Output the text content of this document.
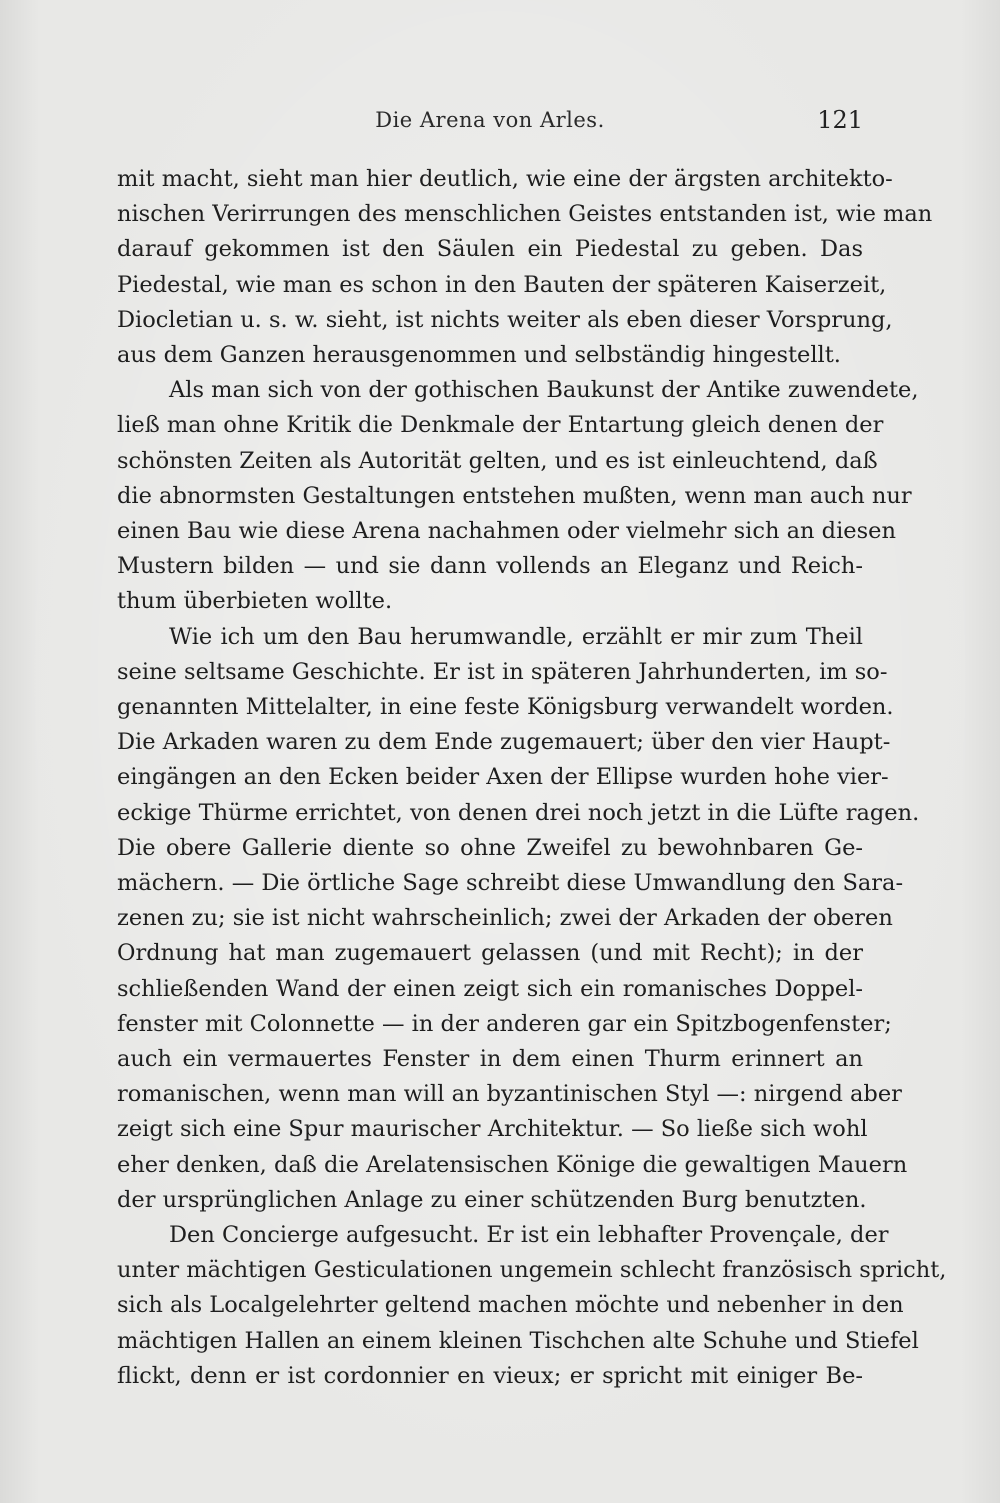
Die Arena von Arles.	121
mit macht, sieht man hier deutlich, wie eine der ärgsten architekto-
nischen Verirrungen des menschlichen Geistes entstanden ist, wie man
darauf gekommen ist den Säulen ein Piedestal zu geben. Das
Piedestal, wie man es schon in den Bauten der späteren Kaiserzeit,
Diocletian u. s. w. sieht, ist nichts weiter als eben dieser Vorsprung,
aus dem Ganzen herausgenommen und selbständig hingestellt.
Als man sich von der gothischen Baukunst der Antike zuwendete,
ließ man ohne Kritik die Denkmale der Entartung gleich denen der
schönsten Zeiten als Autorität gelten, und es ist einleuchtend, daß
die abnormsten Gestaltungen entstehen mußten, wenn man auch nur
einen Bau wie diese Arena nachahmen oder vielmehr sich an diesen
Mustern bilden — und sie dann vollends an Eleganz und Reich-
thum überbieten wollte.
Wie ich um den Bau herumwandle, erzählt er mir zum Theil
seine seltsame Geschichte. Er ist in späteren Jahrhunderten, im so-
genannten Mittelalter, in eine feste Königsburg verwandelt worden.
Die Arkaden waren zu dem Ende zugemauert; über den vier Haupt-
eingängen an den Ecken beider Axen der Ellipse wurden hohe vier-
eckige Thürme errichtet, von denen drei noch jetzt in die Lüfte ragen.
Die obere Gallerie diente so ohne Zweifel zu bewohnbaren Ge-
mächern. — Die örtliche Sage schreibt diese Umwandlung den Sara-
zenen zu; sie ist nicht wahrscheinlich; zwei der Arkaden der oberen
Ordnung hat man zugemauert gelassen (und mit Recht); in der
schließenden Wand der einen zeigt sich ein romanisches Doppel-
fenster mit Colonnette — in der anderen gar ein Spitzbogenfenster;
auch ein vermauertes Fenster in dem einen Thurm erinnert an
romanischen, wenn man will an byzantinischen Styl —: nirgend aber
zeigt sich eine Spur maurischer Architektur. — So ließe sich wohl
eher denken, daß die Arelatensischen Könige die gewaltigen Mauern
der ursprünglichen Anlage zu einer schützenden Burg benutzten.
Den Concierge aufgesucht. Er ist ein lebhafter Provençale, der
unter mächtigen Gesticulationen ungemein schlecht französisch spricht,
sich als Localgelehrter geltend machen möchte und nebenher in den
mächtigen Hallen an einem kleinen Tischchen alte Schuhe und Stiefel
flickt, denn er ist cordonnier en vieux; er spricht mit einiger Be-
